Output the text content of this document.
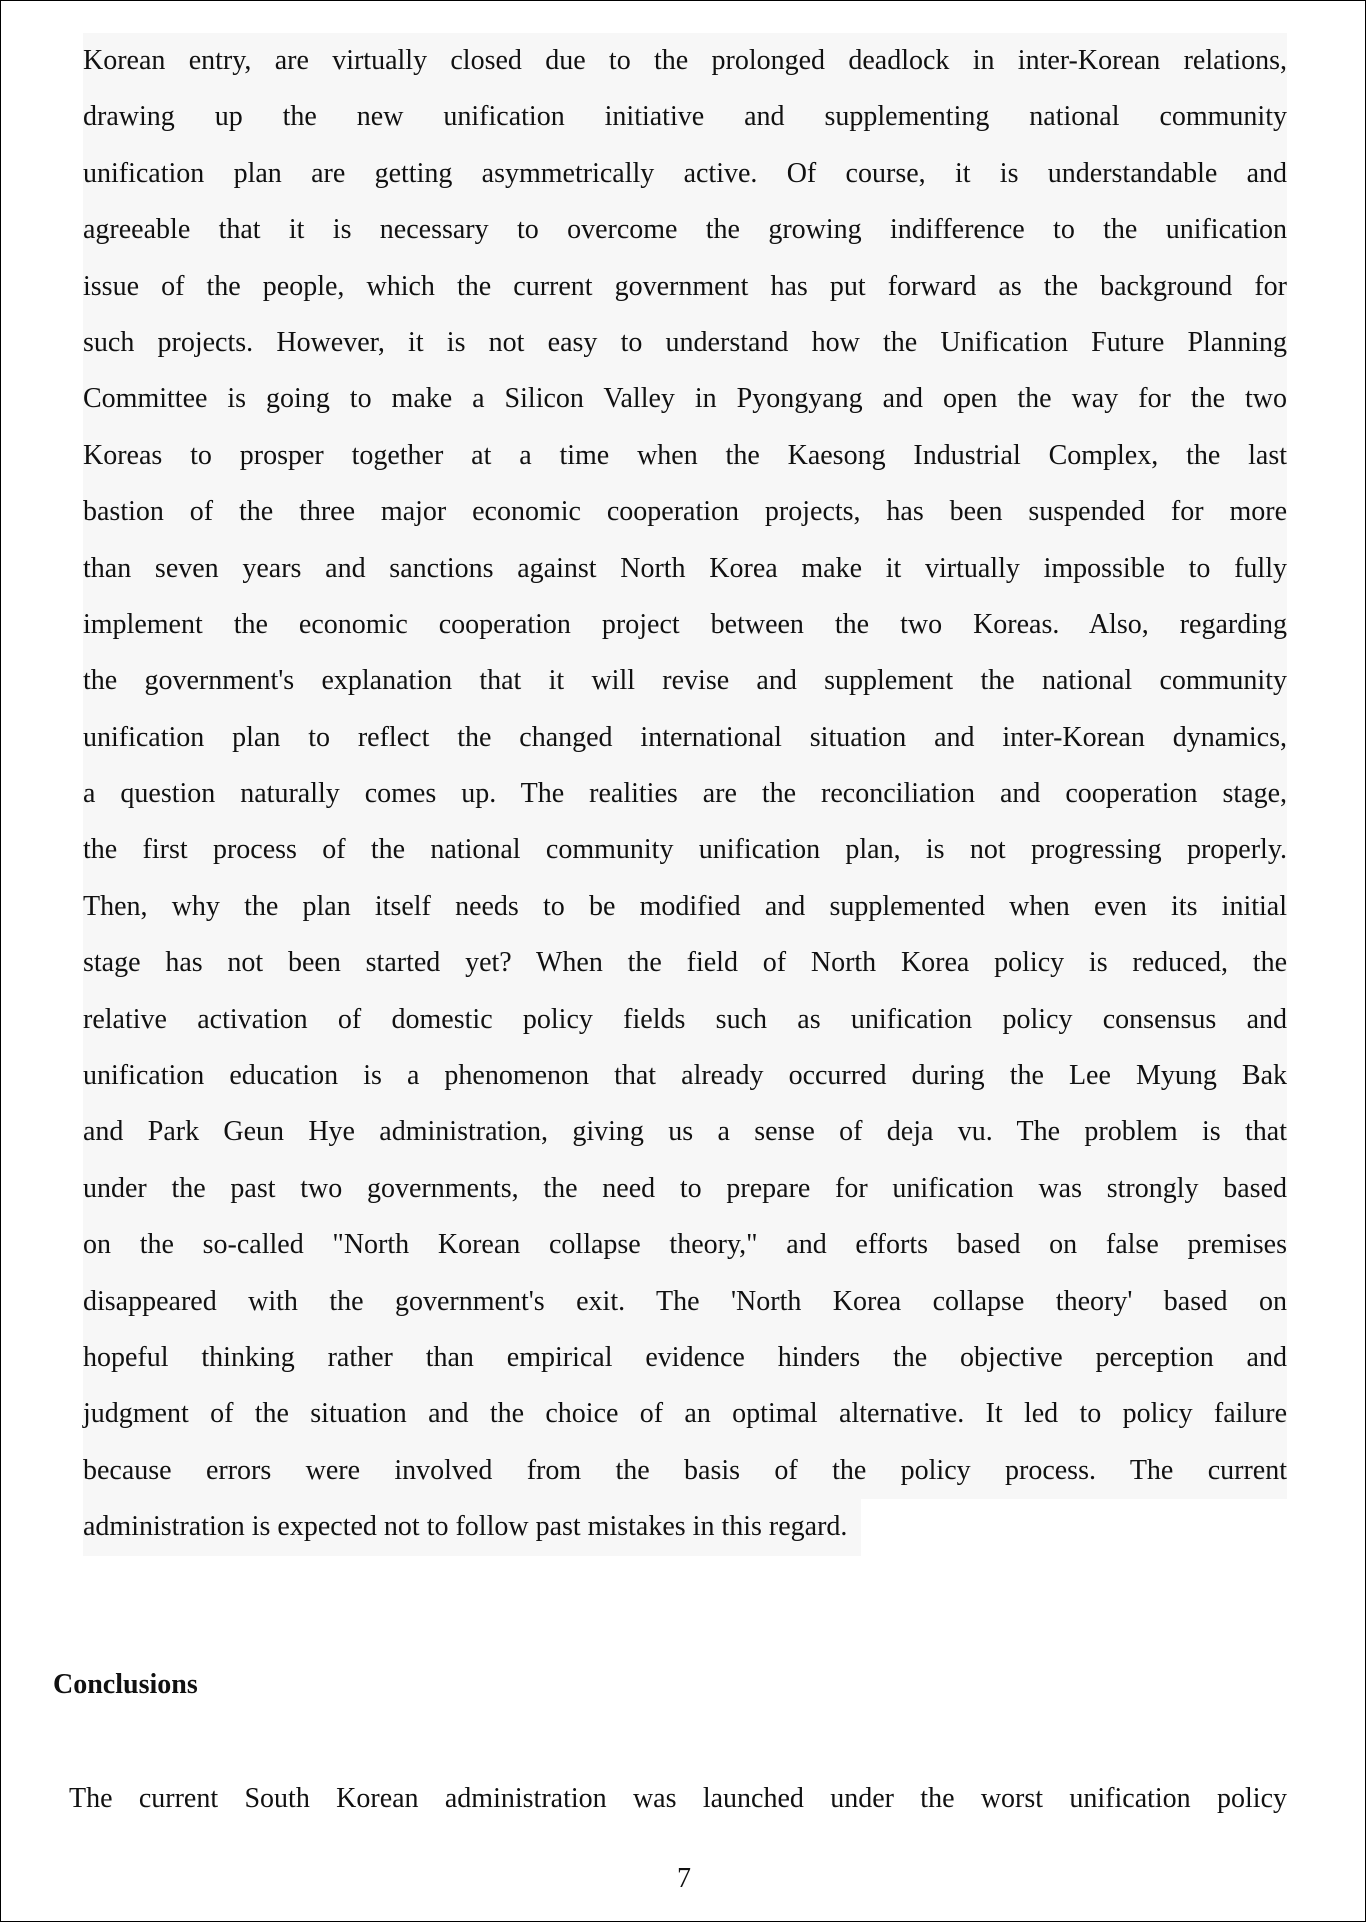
Korean entry, are virtually closed due to the prolonged deadlock in inter-Korean relations,
drawing up the new unification initiative and supplementing national community
unification plan are getting asymmetrically active. Of course, it is understandable and
agreeable that it is necessary to overcome the growing indifference to the unification
issue of the people, which the current government has put forward as the background for
such projects. However, it is not easy to understand how the Unification Future Planning
Committee is going to make a Silicon Valley in Pyongyang and open the way for the two
Koreas to prosper together at a time when the Kaesong Industrial Complex, the last
bastion of the three major economic cooperation projects, has been suspended for more
than seven years and sanctions against North Korea make it virtually impossible to fully
implement the economic cooperation project between the two Koreas. Also, regarding
the government's explanation that it will revise and supplement the national community
unification plan to reflect the changed international situation and inter-Korean dynamics,
a question naturally comes up. The realities are the reconciliation and cooperation stage,
the first process of the national community unification plan, is not progressing properly.
Then, why the plan itself needs to be modified and supplemented when even its initial
stage has not been started yet? When the field of North Korea policy is reduced, the
relative activation of domestic policy fields such as unification policy consensus and
unification education is a phenomenon that already occurred during the Lee Myung Bak
and Park Geun Hye administration, giving us a sense of deja vu. The problem is that
under the past two governments, the need to prepare for unification was strongly based
on the so-called "North Korean collapse theory," and efforts based on false premises
disappeared with the government's exit. The 'North Korea collapse theory' based on
hopeful thinking rather than empirical evidence hinders the objective perception and
judgment of the situation and the choice of an optimal alternative. It led to policy failure
because errors were involved from the basis of the policy process. The current
administration is expected not to follow past mistakes in this regard.
Conclusions
The current South Korean administration was launched under the worst unification policy
7
